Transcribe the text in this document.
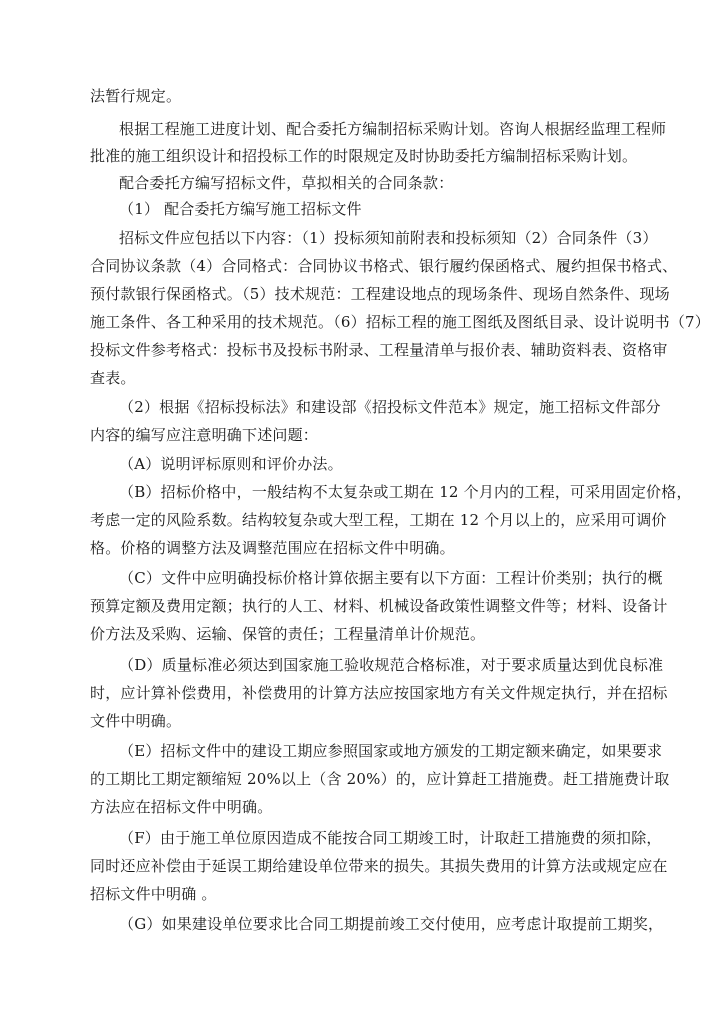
法暂行规定。
根据工程施工进度计划、配合委托方编制招标采购计划。咨询人根据经监理工程师
批准的施工组织设计和招投标工作的时限规定及时协助委托方编制招标采购计划。
配合委托方编写招标文件，草拟相关的合同条款：
（1） 配合委托方编写施工招标文件
招标文件应包括以下内容：（1）投标须知前附表和投标须知（2）合同条件（3）
合同协议条款（4）合同格式：合同协议书格式、银行履约保函格式、履约担保书格式、
预付款银行保函格式。（5）技术规范：工程建设地点的现场条件、现场自然条件、现场
施工条件、各工种采用的技术规范。（6）招标工程的施工图纸及图纸目录、设计说明书（7）
投标文件参考格式：投标书及投标书附录、工程量清单与报价表、辅助资料表、资格审
查表。
（2）根据《招标投标法》和建设部《招投标文件范本》规定，施工招标文件部分
内容的编写应注意明确下述问题：
（A）说明评标原则和评价办法。
（B）招标价格中，一般结构不太复杂或工期在 12 个月内的工程，可采用固定价格，
考虑一定的风险系数。结构较复杂或大型工程，工期在 12 个月以上的，应采用可调价
格。价格的调整方法及调整范围应在招标文件中明确。
（C）文件中应明确投标价格计算依据主要有以下方面：工程计价类别；执行的概
预算定额及费用定额；执行的人工、材料、机械设备政策性调整文件等；材料、设备计
价方法及采购、运输、保管的责任；工程量清单计价规范。
（D）质量标准必须达到国家施工验收规范合格标准，对于要求质量达到优良标准
时，应计算补偿费用，补偿费用的计算方法应按国家地方有关文件规定执行，并在招标
文件中明确。
（E）招标文件中的建设工期应参照国家或地方颁发的工期定额来确定，如果要求
的工期比工期定额缩短 20%以上（含 20%）的，应计算赶工措施费。赶工措施费计取
方法应在招标文件中明确。
（F）由于施工单位原因造成不能按合同工期竣工时，计取赶工措施费的须扣除，
同时还应补偿由于延误工期给建设单位带来的损失。其损失费用的计算方法或规定应在
招标文件中明确 。
（G）如果建设单位要求比合同工期提前竣工交付使用，应考虑计取提前工期奖，
